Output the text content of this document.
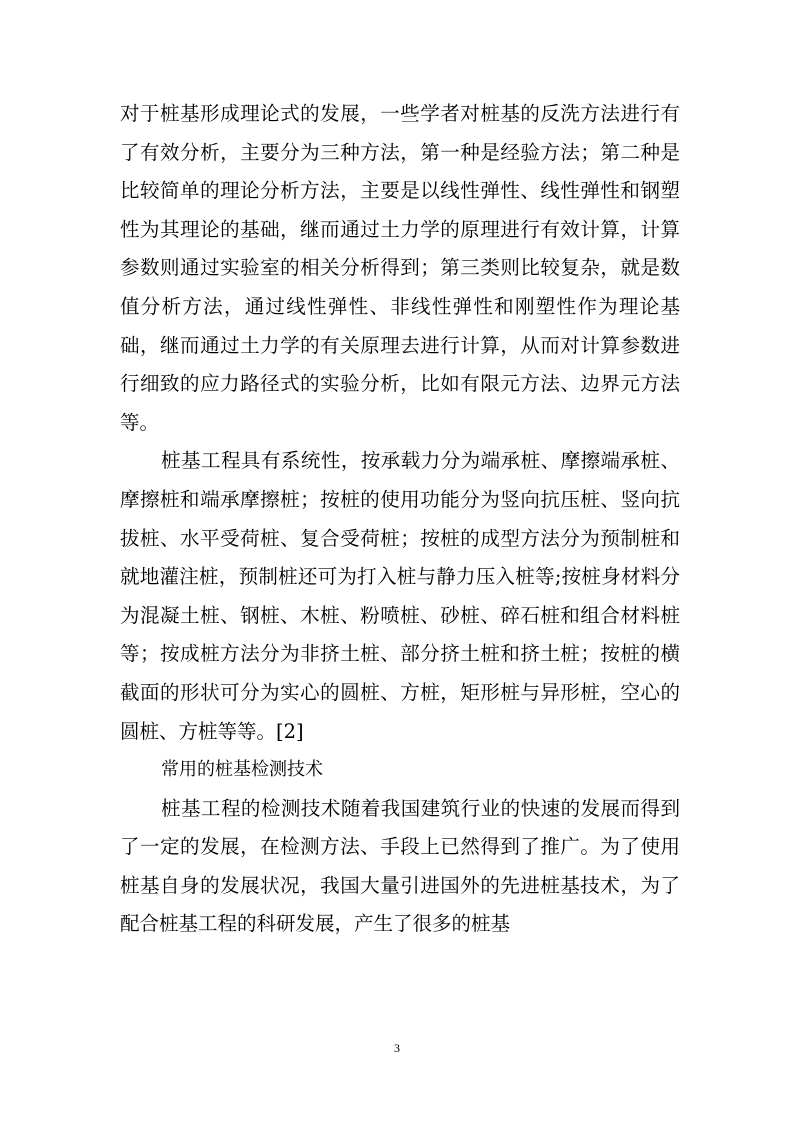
对于桩基形成理论式的发展，一些学者对桩基的反洗方法进行有了有效分析，主要分为三种方法，第一种是经验方法；第二种是比较简单的理论分析方法，主要是以线性弹性、线性弹性和钢塑性为其理论的基础，继而通过土力学的原理进行有效计算，计算参数则通过实验室的相关分析得到；第三类则比较复杂，就是数值分析方法，通过线性弹性、非线性弹性和刚塑性作为理论基础，继而通过土力学的有关原理去进行计算，从而对计算参数进行细致的应力路径式的实验分析，比如有限元方法、边界元方法等。

桩基工程具有系统性，按承载力分为端承桩、摩擦端承桩、摩擦桩和端承摩擦桩；按桩的使用功能分为竖向抗压桩、竖向抗拔桩、水平受荷桩、复合受荷桩；按桩的成型方法分为预制桩和就地灌注桩，预制桩还可为打入桩与静力压入桩等;按桩身材料分为混凝土桩、钢桩、木桩、粉喷桩、砂桩、碎石桩和组合材料桩等；按成桩方法分为非挤土桩、部分挤土桩和挤土桩；按桩的横截面的形状可分为实心的圆桩、方桩，矩形桩与异形桩，空心的圆桩、方桩等等。[2]

常用的桩基检测技术

桩基工程的检测技术随着我国建筑行业的快速的发展而得到了一定的发展，在检测方法、手段上已然得到了推广。为了使用桩基自身的发展状况，我国大量引进国外的先进桩基技术，为了配合桩基工程的科研发展，产生了很多的桩基

3
